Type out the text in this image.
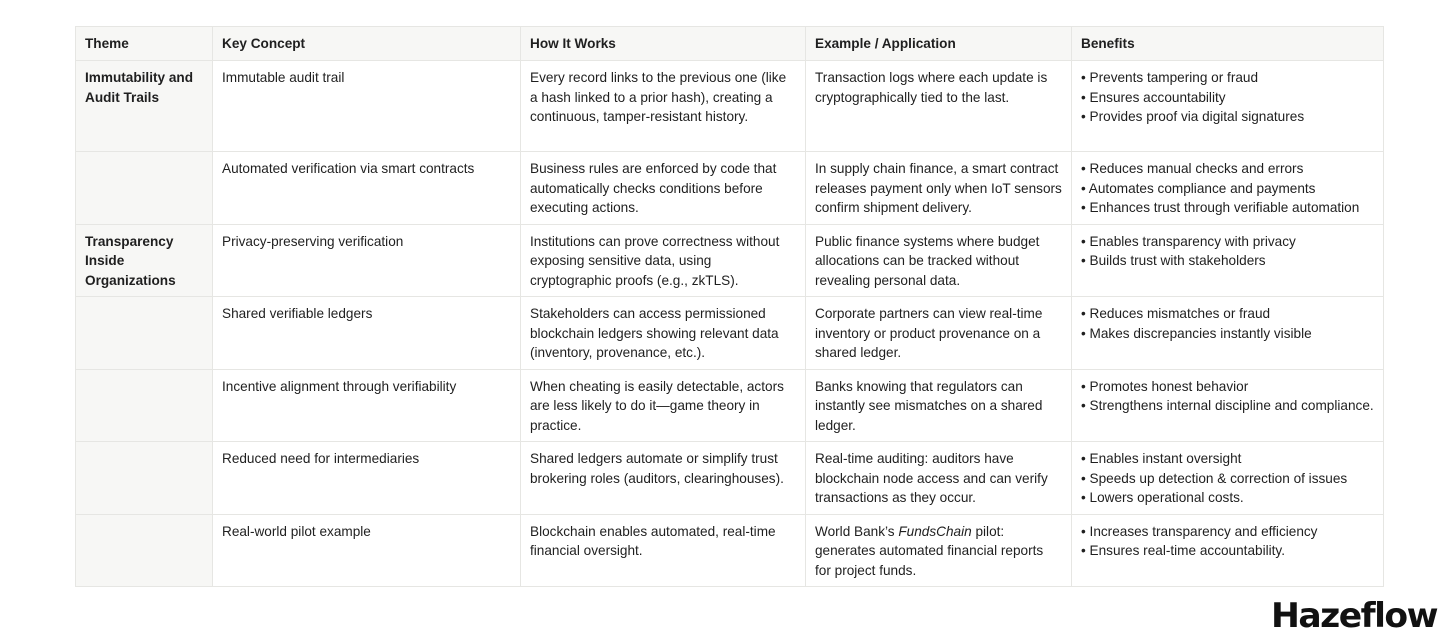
Theme	Key Concept	How It Works	Example / Application	Benefits
Immutability and Audit Trails	Immutable audit trail	Every record links to the previous one (like a hash linked to a prior hash), creating a continuous, tamper-resistant history.	Transaction logs where each update is cryptographically tied to the last.	• Prevents tampering or fraud
• Ensures accountability
• Provides proof via digital signatures

	Automated verification via smart contracts	Business rules are enforced by code that automatically checks conditions before executing actions.	In supply chain finance, a smart contract releases payment only when IoT sensors confirm shipment delivery.	• Reduces manual checks and errors
• Automates compliance and payments
• Enhances trust through verifiable automation

Transparency Inside Organizations	Privacy-preserving verification	Institutions can prove correctness without exposing sensitive data, using cryptographic proofs (e.g., zkTLS).	Public finance systems where budget allocations can be tracked without revealing personal data.	• Enables transparency with privacy
• Builds trust with stakeholders

	Shared verifiable ledgers	Stakeholders can access permissioned blockchain ledgers showing relevant data (inventory, provenance, etc.).	Corporate partners can view real-time inventory or product provenance on a shared ledger.	• Reduces mismatches or fraud
• Makes discrepancies instantly visible

	Incentive alignment through verifiability	When cheating is easily detectable, actors are less likely to do it—game theory in practice.	Banks knowing that regulators can instantly see mismatches on a shared ledger.	• Promotes honest behavior
• Strengthens internal discipline and compliance.

	Reduced need for intermediaries	Shared ledgers automate or simplify trust brokering roles (auditors, clearinghouses).	Real-time auditing: auditors have blockchain node access and can verify transactions as they occur.	• Enables instant oversight
• Speeds up detection & correction of issues
• Lowers operational costs.

	Real-world pilot example	Blockchain enables automated, real-time financial oversight.	World Bank’s FundsChain pilot: generates automated financial reports for project funds.	• Increases transparency and efficiency
• Ensures real-time accountability.
Hazeflow
